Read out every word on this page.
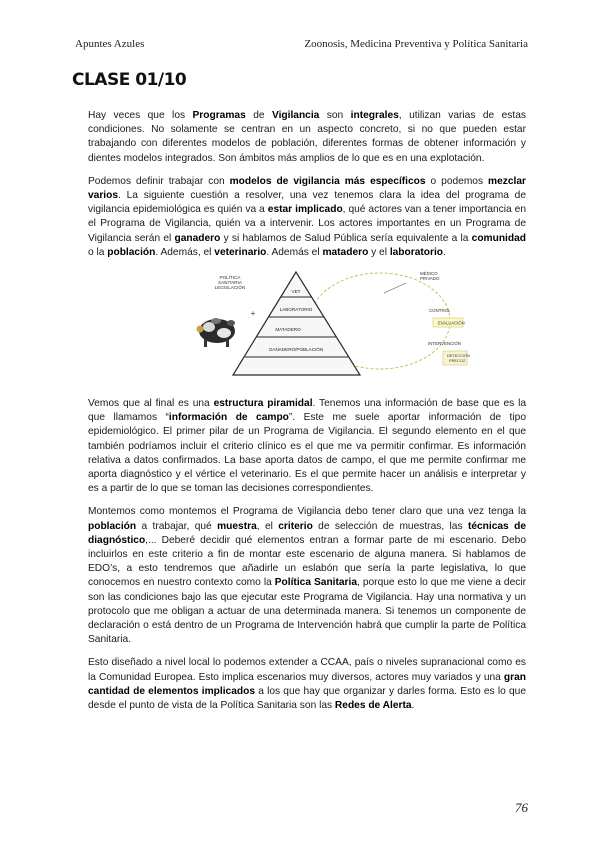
Apuntes Azules	Zoonosis, Medicina Preventiva y Política Sanitaria
CLASE 01/10

Hay veces que los Programas de Vigilancia son integrales, utilizan varias de estas condiciones. No solamente se centran en un aspecto concreto, si no que pueden estar trabajando con diferentes modelos de población, diferentes formas de obtener información y dientes modelos integrados. Son ámbitos más amplios de lo que es en una explotación.

Podemos definir trabajar con modelos de vigilancia más específicos o podemos mezclar varios. La siguiente cuestión a resolver, una vez tenemos clara la idea del programa de vigilancia epidemiológica es quién va a estar implicado, qué actores van a tener importancia en el Programa de Vigilancia, quién va a intervenir. Los actores importantes en un Programa de Vigilancia serán el ganadero y si hablamos de Salud Pública sería equivalente a la comunidad o la población. Además, el veterinario. Además el matadero y el laboratorio.

POLÍTICA SANITARIA LEGISLACIÓN
+
VET
LABORATORIO
MATADERO
GANADERO/POBLACIÓN
MÉDICO PRIVADO
CONTROL
EVALUACIÓN
INTERVENCIÓN
DETECCIÓN PRECOZ

Vemos que al final es una estructura piramidal. Tenemos una información de base que es la que llamamos “información de campo”. Este me suele aportar información de tipo epidemiológico. El primer pilar de un Programa de Vigilancia. El segundo elemento en el que también podríamos incluir el criterio clínico es el que me va permitir confirmar. Es información relativa a datos confirmados. La base aporta datos de campo, el que me permite confirmar me aporta diagnóstico y el vértice el veterinario. Es el que permite hacer un análisis e interpretar y es a partir de lo que se toman las decisiones correspondientes.

Montemos como montemos el Programa de Vigilancia debo tener claro que una vez tenga la población a trabajar, qué muestra, el criterio de selección de muestras, las técnicas de diagnóstico,... Deberé decidir qué elementos entran a formar parte de mi escenario. Debo incluirlos en este criterio a fin de montar este escenario de alguna manera. Si hablamos de EDO’s, a esto tendremos que añadirle un eslabón que sería la parte legislativa, lo que conocemos en nuestro contexto como la Política Sanitaria, porque esto lo que me viene a decir son las condiciones bajo las que ejecutar este Programa de Vigilancia. Hay una normativa y un protocolo que me obligan a actuar de una determinada manera. Si tenemos un componente de declaración o está dentro de un Programa de Intervención habrá que cumplir la parte de Política Sanitaria.

Esto diseñado a nivel local lo podemos extender a CCAA, país o niveles supranacional como es la Comunidad Europea. Esto implica escenarios muy diversos, actores muy variados y una gran cantidad de elementos implicados a los que hay que organizar y darles forma. Esto es lo que desde el punto de vista de la Política Sanitaria son las Redes de Alerta.

76
